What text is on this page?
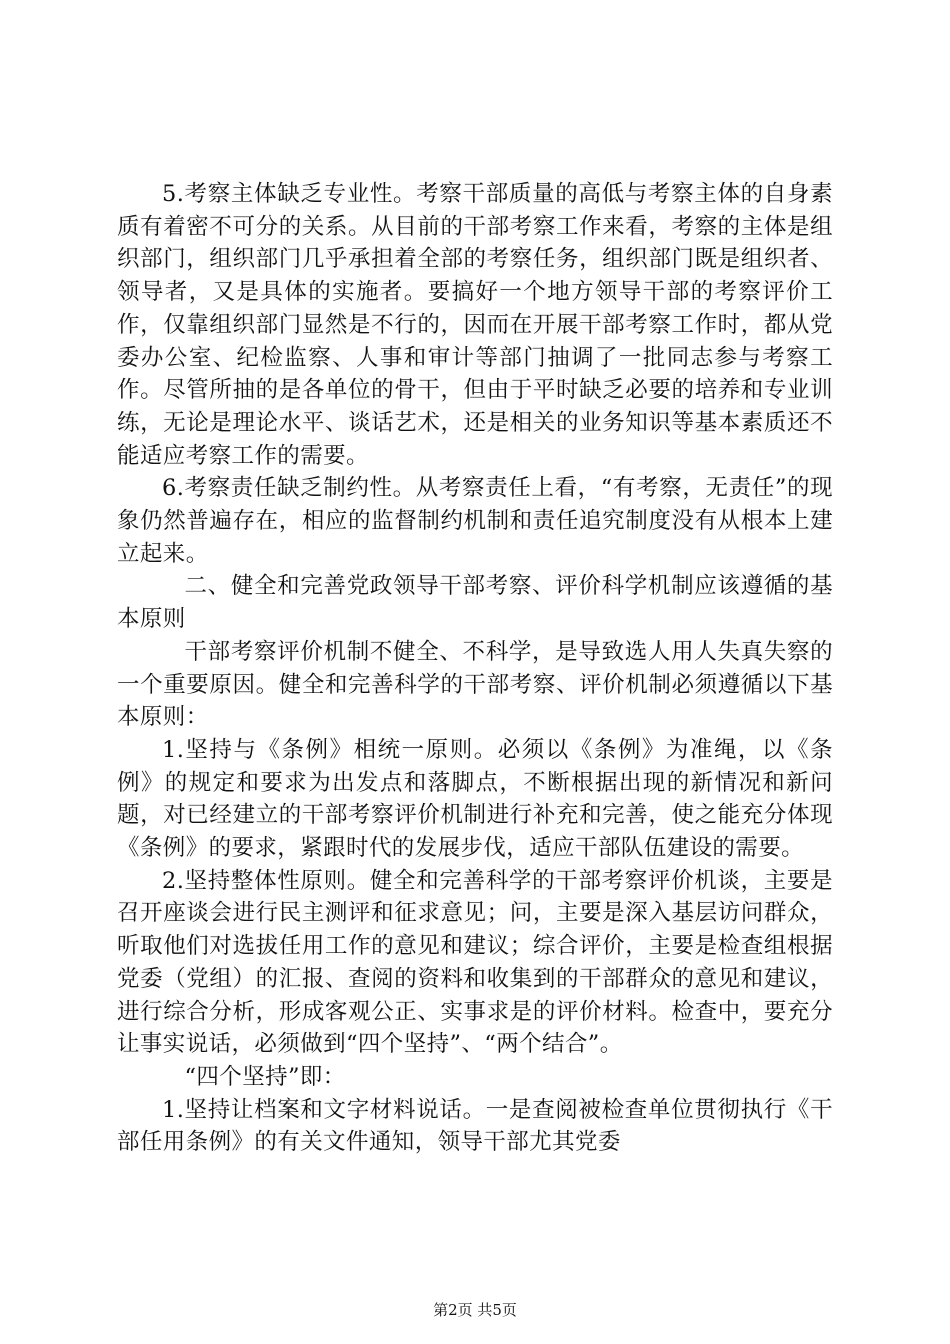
5.考察主体缺乏专业性。考察干部质量的高低与考察主体的自身素质有着密不可分的关系。从目前的干部考察工作来看，考察的主体是组织部门，组织部门几乎承担着全部的考察任务，组织部门既是组织者、领导者，又是具体的实施者。要搞好一个地方领导干部的考察评价工作，仅靠组织部门显然是不行的，因而在开展干部考察工作时，都从党委办公室、纪检监察、人事和审计等部门抽调了一批同志参与考察工作。尽管所抽的是各单位的骨干，但由于平时缺乏必要的培养和专业训练，无论是理论水平、谈话艺术，还是相关的业务知识等基本素质还不能适应考察工作的需要。

6.考察责任缺乏制约性。从考察责任上看，“有考察，无责任”的现象仍然普遍存在，相应的监督制约机制和责任追究制度没有从根本上建立起来。

二、健全和完善党政领导干部考察、评价科学机制应该遵循的基本原则

干部考察评价机制不健全、不科学，是导致选人用人失真失察的一个重要原因。健全和完善科学的干部考察、评价机制必须遵循以下基本原则：

1.坚持与《条例》相统一原则。必须以《条例》为准绳，以《条例》的规定和要求为出发点和落脚点，不断根据出现的新情况和新问题，对已经建立的干部考察评价机制进行补充和完善，使之能充分体现《条例》的要求，紧跟时代的发展步伐，适应干部队伍建设的需要。

2.坚持整体性原则。健全和完善科学的干部考察评价机谈，主要是召开座谈会进行民主测评和征求意见；问，主要是深入基层访问群众，听取他们对选拔任用工作的意见和建议；综合评价，主要是检查组根据党委（党组）的汇报、查阅的资料和收集到的干部群众的意见和建议，进行综合分析，形成客观公正、实事求是的评价材料。检查中，要充分让事实说话，必须做到“四个坚持”、“两个结合”。

“四个坚持”即：

1.坚持让档案和文字材料说话。一是查阅被检查单位贯彻执行《干部任用条例》的有关文件通知，领导干部尤其党委

第2页 共5页
